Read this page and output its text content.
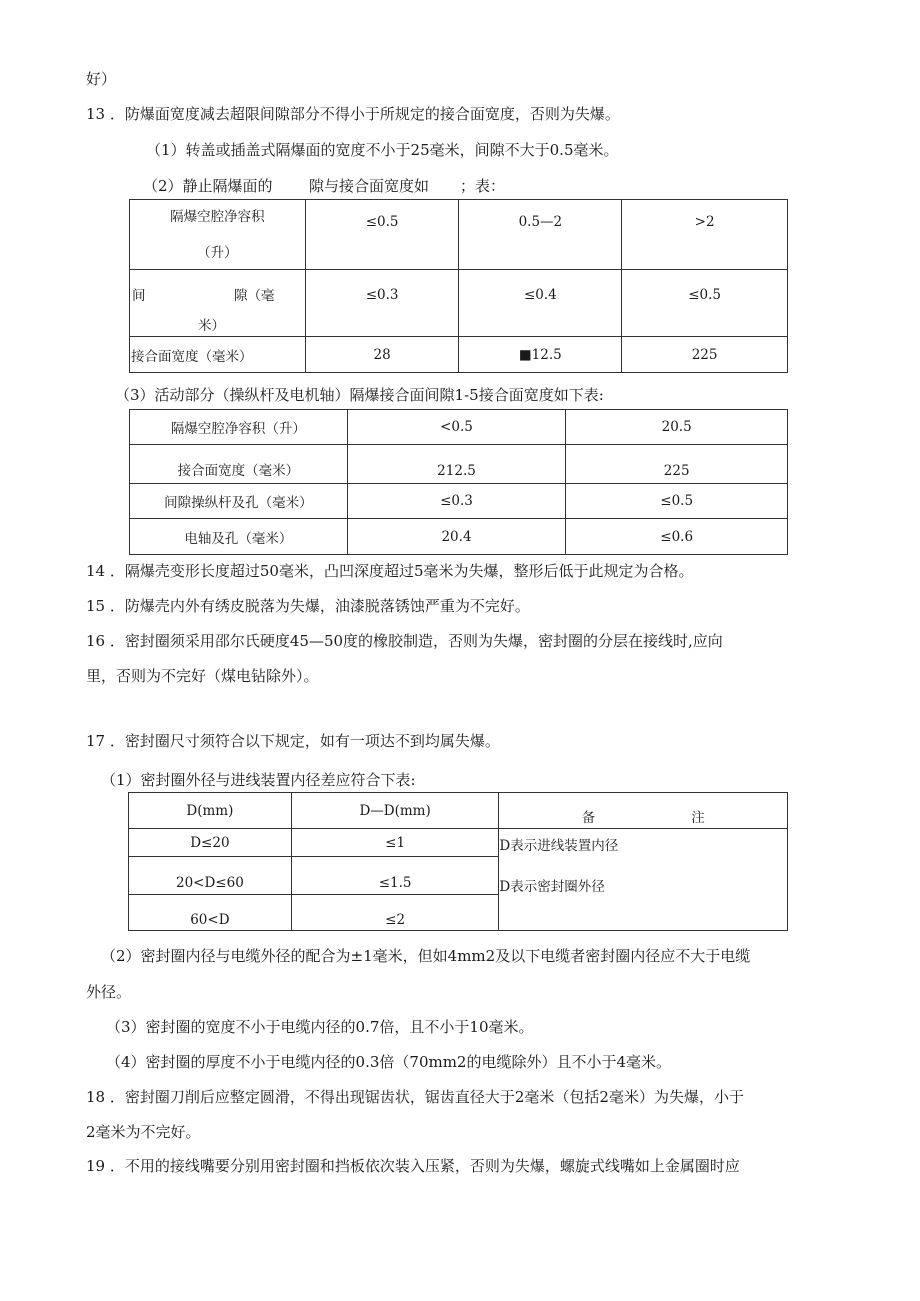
好）
13 ．防爆面宽度减去超限间隙部分不得小于所规定的接合面宽度，否则为失爆。
（1）转盖或插盖式隔爆面的宽度不小于25毫米，间隙不大于0.5毫米。
（2）静止隔爆面的 隙与接合面宽度如 ；表：
隔爆空腔净容积
（升）	≤0.5	0.5—2	>2

间 隙（毫
米）	≤0.3	≤0.4	≤0.5
接合面宽度（毫米）	28	■12.5	225
（3）活动部分（操纵杆及电机轴）隔爆接合面间隙1-5接合面宽度如下表:
隔爆空腔净容积（升）	<0.5	20.5
接合面宽度（毫米）	212.5	225
间隙操纵杆及孔（毫米）	≤0.3	≤0.5
电轴及孔（毫米）	20.4	≤0.6
14 ．隔爆壳变形长度超过50毫米，凸凹深度超过5毫米为失爆，整形后低于此规定为合格。
15 ．防爆壳内外有绣皮脱落为失爆，油漆脱落锈蚀严重为不完好。
16 ．密封圈须采用邵尔氏硬度45—50度的橡胶制造，否则为失爆，密封圈的分层在接线时,应向
里，否则为不完好（煤电钻除外）。
17 ．密封圈尺寸须符合以下规定，如有一项达不到均属失爆。
（1）密封圈外径与进线装置内径差应符合下表:
D(mm)	D—D(mm)	备 注
D≤20	≤1	D表示进线装置内径
D表示密封圈外径

20<D≤60	≤1.5	
60<D	≤2	
（2）密封圈内径与电缆外径的配合为±1毫米，但如4mm2及以下电缆者密封圈内径应不大于电缆
外径。
（3）密封圈的宽度不小于电缆内径的0.7倍，且不小于10毫米。
（4）密封圈的厚度不小于电缆内径的0.3倍（70mm2的电缆除外）且不小于4毫米。
18 ．密封圈刀削后应整定圆滑，不得出现锯齿状，锯齿直径大于2毫米（包括2毫米）为失爆，小于
2毫米为不完好。
19 ．不用的接线嘴要分别用密封圈和挡板依次装入压紧，否则为失爆，螺旋式线嘴如上金属圈时应
